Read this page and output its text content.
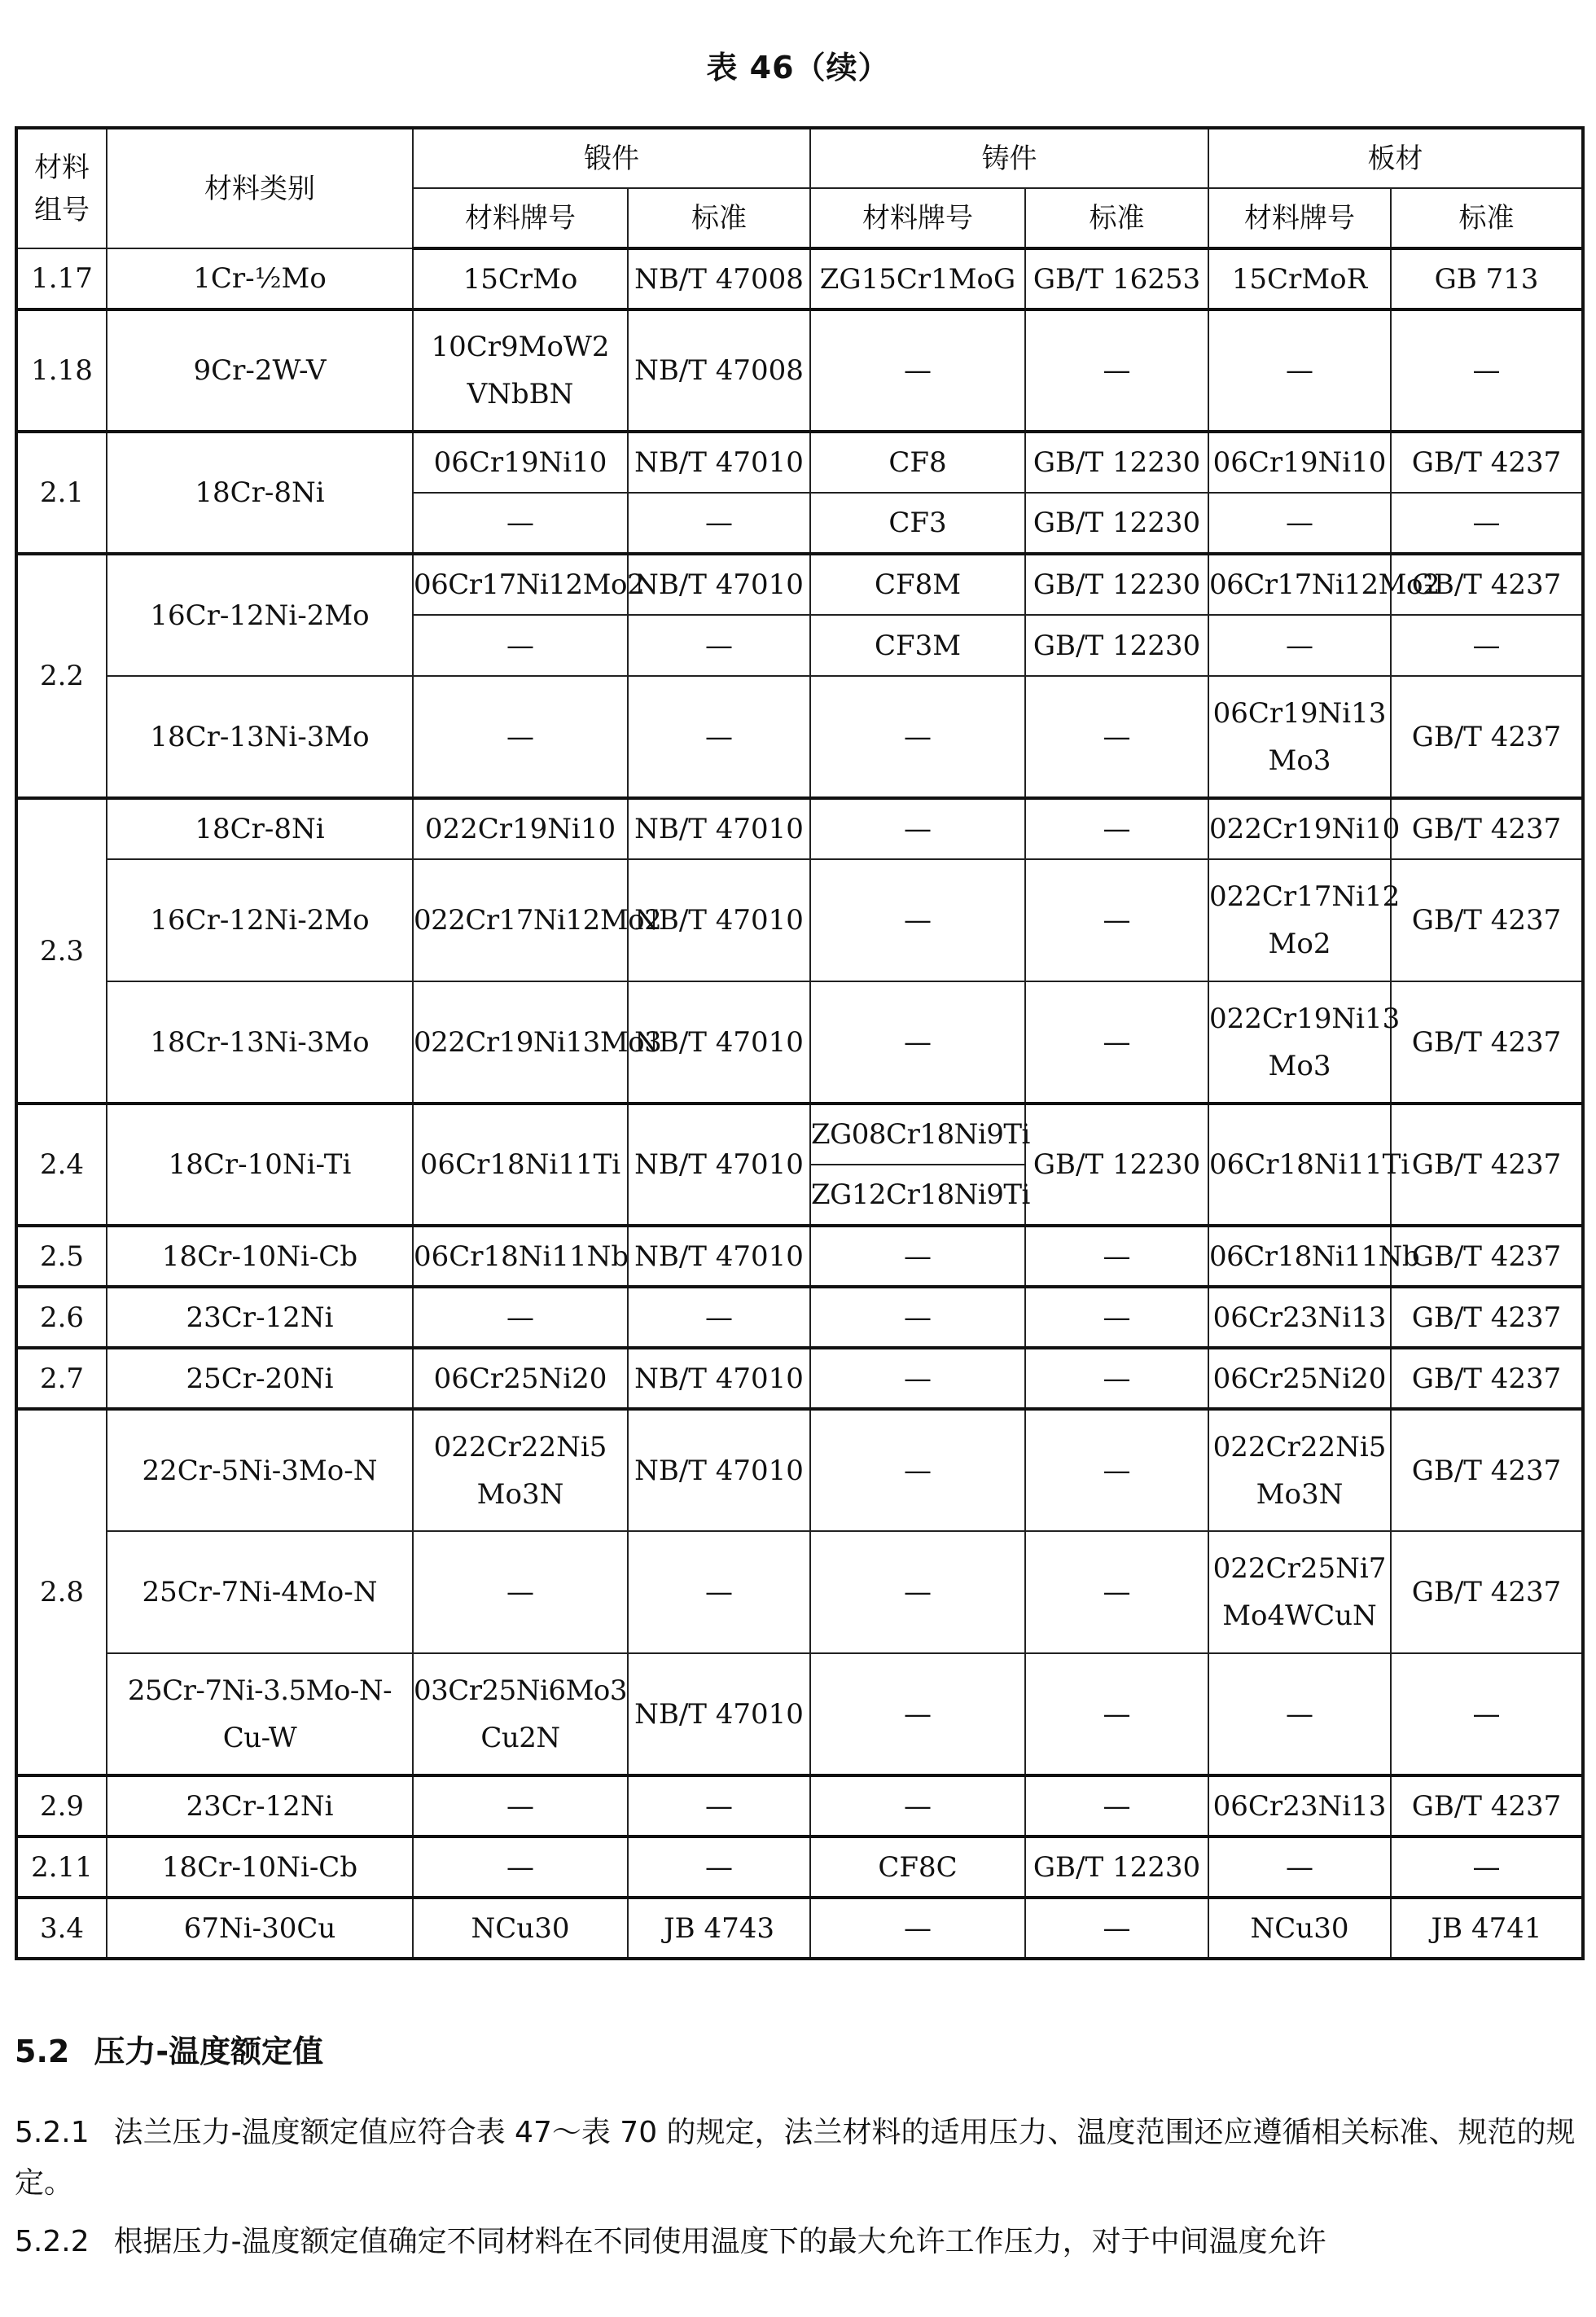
表 46（续）
材料
组号	材料类别	锻件		铸件		板材	
		材料牌号	标准	材料牌号	标准	材料牌号	标准
1.17	1Cr-½Mo	15CrMo	NB/T 47008	ZG15Cr1MoG	GB/T 16253	15CrMoR	GB 713
1.18	9Cr-2W-V	10Cr9MoW2
VNbBN	NB/T 47008	—	—	—	—
2.1	18Cr-8Ni	06Cr19Ni10	NB/T 47010	CF8	GB/T 12230	06Cr19Ni10	GB/T 4237
		—	—	CF3	GB/T 12230	—	—
2.2	16Cr-12Ni-2Mo	06Cr17Ni12Mo2	NB/T 47010	CF8M	GB/T 12230	06Cr17Ni12Mo2	GB/T 4237
		—	—	CF3M	GB/T 12230	—	—
	18Cr-13Ni-3Mo	—	—	—	—	06Cr19Ni13
Mo3	GB/T 4237
2.3	18Cr-8Ni	022Cr19Ni10	NB/T 47010	—	—	022Cr19Ni10	GB/T 4237
	16Cr-12Ni-2Mo	022Cr17Ni12Mo2	NB/T 47010	—	—	022Cr17Ni12
Mo2	GB/T 4237
	18Cr-13Ni-3Mo	022Cr19Ni13Mo3	NB/T 47010	—	—	022Cr19Ni13
Mo3	GB/T 4237
2.4	18Cr-10Ni-Ti	06Cr18Ni11Ti	NB/T 47010	ZG08Cr18Ni9Ti	GB/T 12230	06Cr18Ni11Ti	GB/T 4237
				ZG12Cr18Ni9Ti			
2.5	18Cr-10Ni-Cb	06Cr18Ni11Nb	NB/T 47010	—	—	06Cr18Ni11Nb	GB/T 4237
2.6	23Cr-12Ni	—	—	—	—	06Cr23Ni13	GB/T 4237
2.7	25Cr-20Ni	06Cr25Ni20	NB/T 47010	—	—	06Cr25Ni20	GB/T 4237
2.8	22Cr-5Ni-3Mo-N	022Cr22Ni5
Mo3N	NB/T 47010	—	—	022Cr22Ni5
Mo3N	GB/T 4237
	25Cr-7Ni-4Mo-N	—	—	—	—	022Cr25Ni7
Mo4WCuN	GB/T 4237
	25Cr-7Ni-3.5Mo-N-Cu-W	03Cr25Ni6Mo3
Cu2N	NB/T 47010	—	—	—	—
2.9	23Cr-12Ni	—	—	—	—	06Cr23Ni13	GB/T 4237
2.11	18Cr-10Ni-Cb	—	—	CF8C	GB/T 12230	—	—
3.4	67Ni-30Cu	NCu30	JB 4743	—	—	NCu30	JB 4741
5.2 压力-温度额定值
5.2.1 法兰压力-温度额定值应符合表 47～表 70 的规定，法兰材料的适用压力、温度范围还应遵循相关标准、规范的规定。
5.2.2 根据压力-温度额定值确定不同材料在不同使用温度下的最大允许工作压力，对于中间温度允许
